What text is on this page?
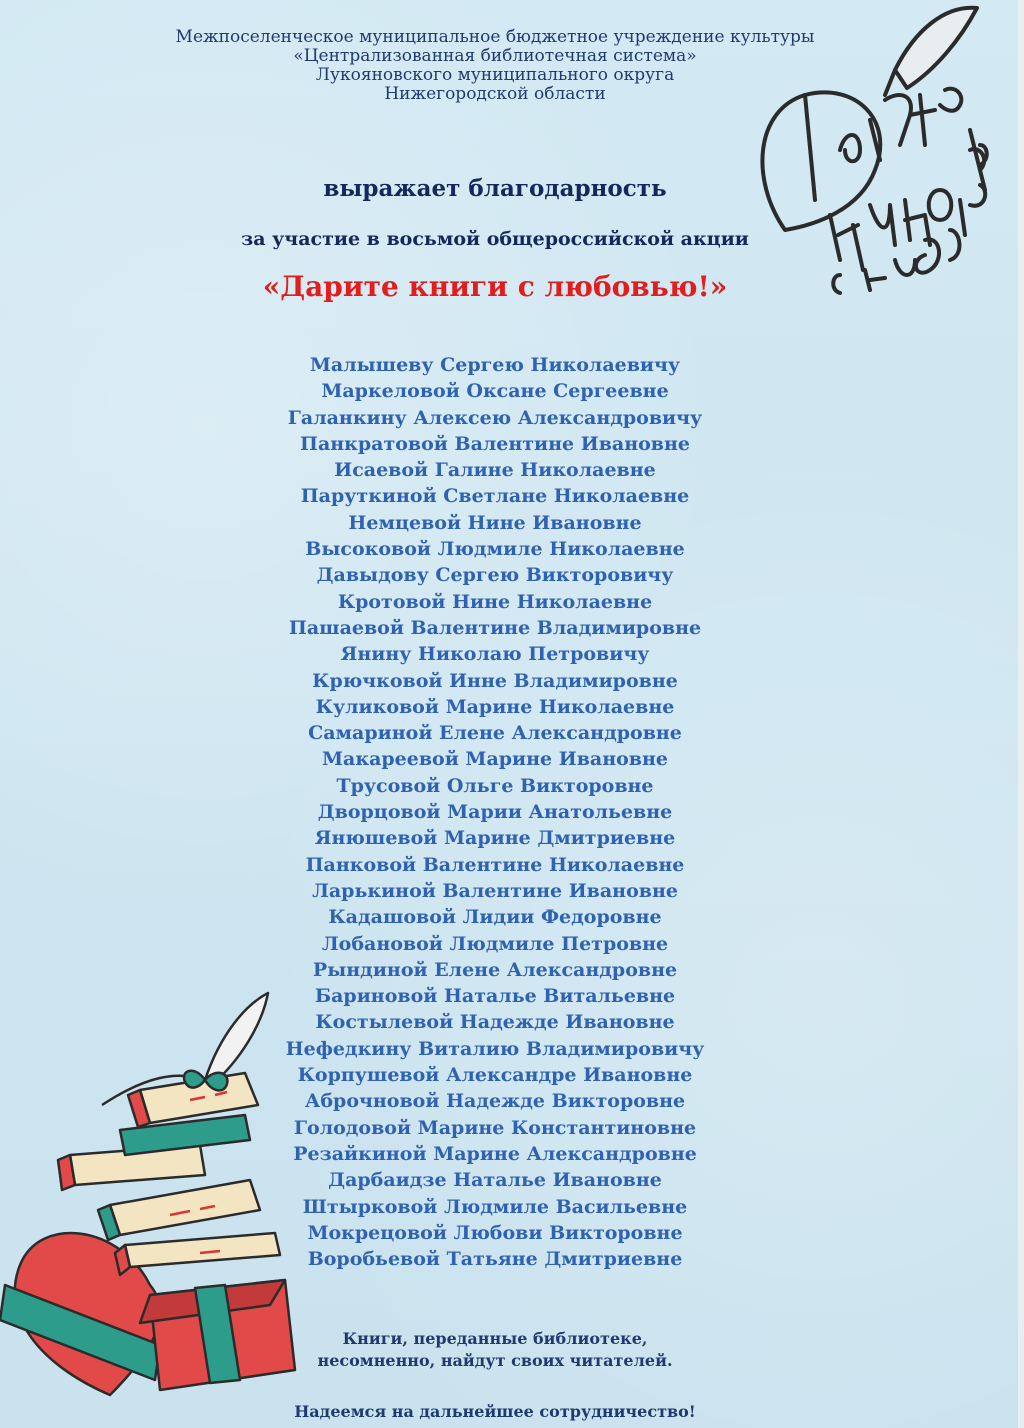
Межпоселенческое муниципальное бюджетное учреждение культуры
«Централизованная библиотечная система»
Лукояновского муниципального округа
Нижегородской области
выражает благодарность
за участие в восьмой общероссийской акции
«Дарите книги с любовью!»
Малышеву Сергею Николаевичу
Маркеловой Оксане Сергеевне
Галанкину Алексею Александровичу
Панкратовой Валентине Ивановне
Исаевой Галине Николаевне
Паруткиной Светлане Николаевне
Немцевой Нине Ивановне
Высоковой Людмиле Николаевне
Давыдову Сергею Викторовичу
Кротовой Нине Николаевне
Пашаевой Валентине Владимировне
Янину Николаю Петровичу
Крючковой Инне Владимировне
Куликовой Марине Николаевне
Самариной Елене Александровне
Макареевой Марине Ивановне
Трусовой Ольге Викторовне
Дворцовой Марии Анатольевне
Янюшевой Марине Дмитриевне
Панковой Валентине Николаевне
Ларькиной Валентине Ивановне
Кадашовой Лидии Федоровне
Лобановой Людмиле Петровне
Рындиной Елене Александровне
Бариновой Наталье Витальевне
Костылевой Надежде Ивановне
Нефедкину Виталию Владимировичу
Корпушевой Александре Ивановне
Аброчновой Надежде Викторовне
Голодовой Марине Константиновне
Резайкиной Марине Александровне
Дарбаидзе Наталье Ивановне
Штырковой Людмиле Васильевне
Мокрецовой Любови Викторовне
Воробьевой Татьяне Дмитриевне
Книги, переданные библиотеке,
несомненно, найдут своих читателей.
Надеемся на дальнейшее сотрудничество!
